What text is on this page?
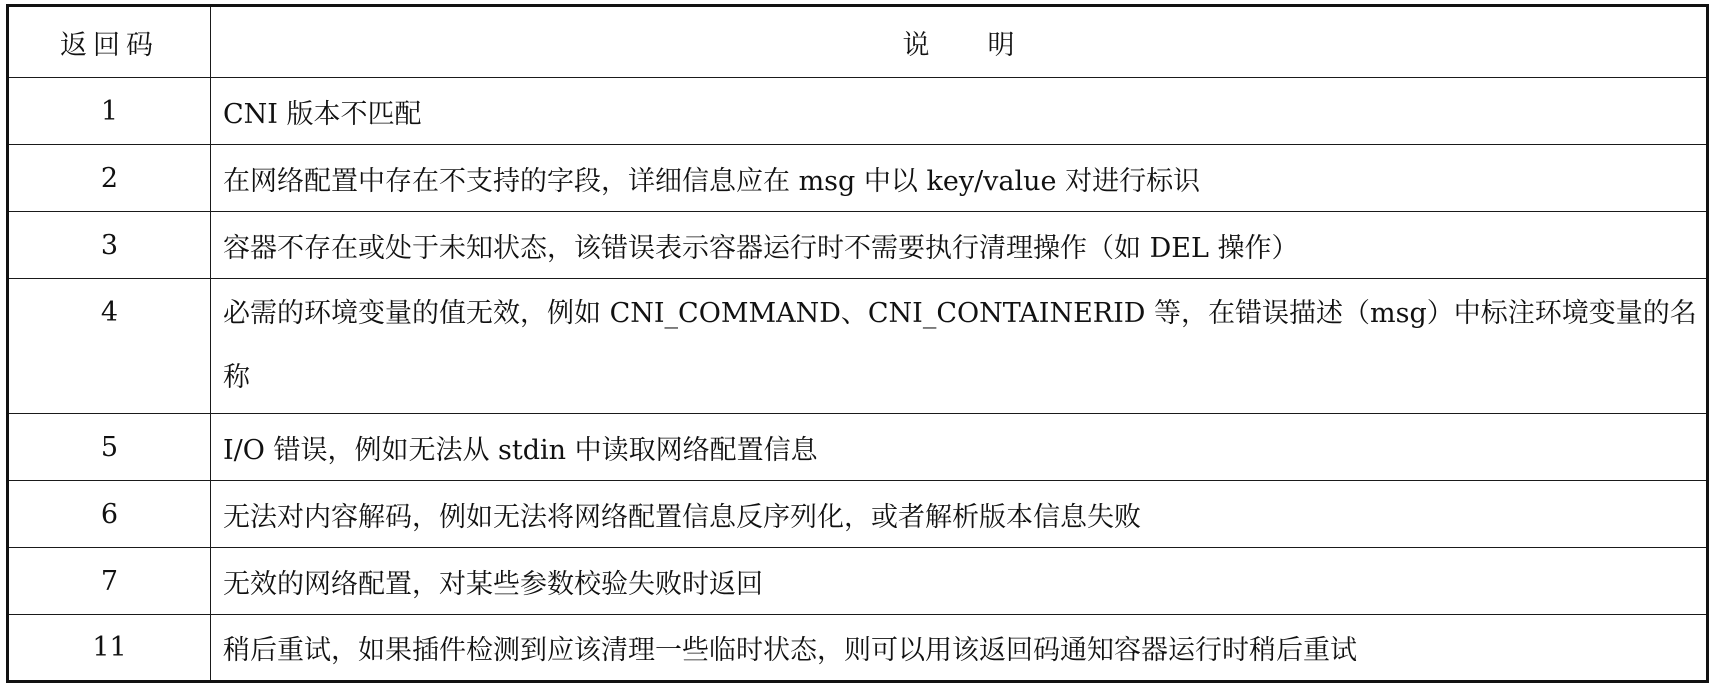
返回码	说明
1	CNI 版本不匹配
2	在网络配置中存在不支持的字段，详细信息应在 msg 中以 key/value 对进行标识
3	容器不存在或处于未知状态，该错误表示容器运行时不需要执行清理操作（如 DEL 操作）
4	必需的环境变量的值无效，例如 CNI_COMMAND、CNI_CONTAINERID 等，在错误描述（msg）中标注环境变量的名称
5	I/O 错误，例如无法从 stdin 中读取网络配置信息
6	无法对内容解码，例如无法将网络配置信息反序列化，或者解析版本信息失败
7	无效的网络配置，对某些参数校验失败时返回
11	稍后重试，如果插件检测到应该清理一些临时状态，则可以用该返回码通知容器运行时稍后重试
